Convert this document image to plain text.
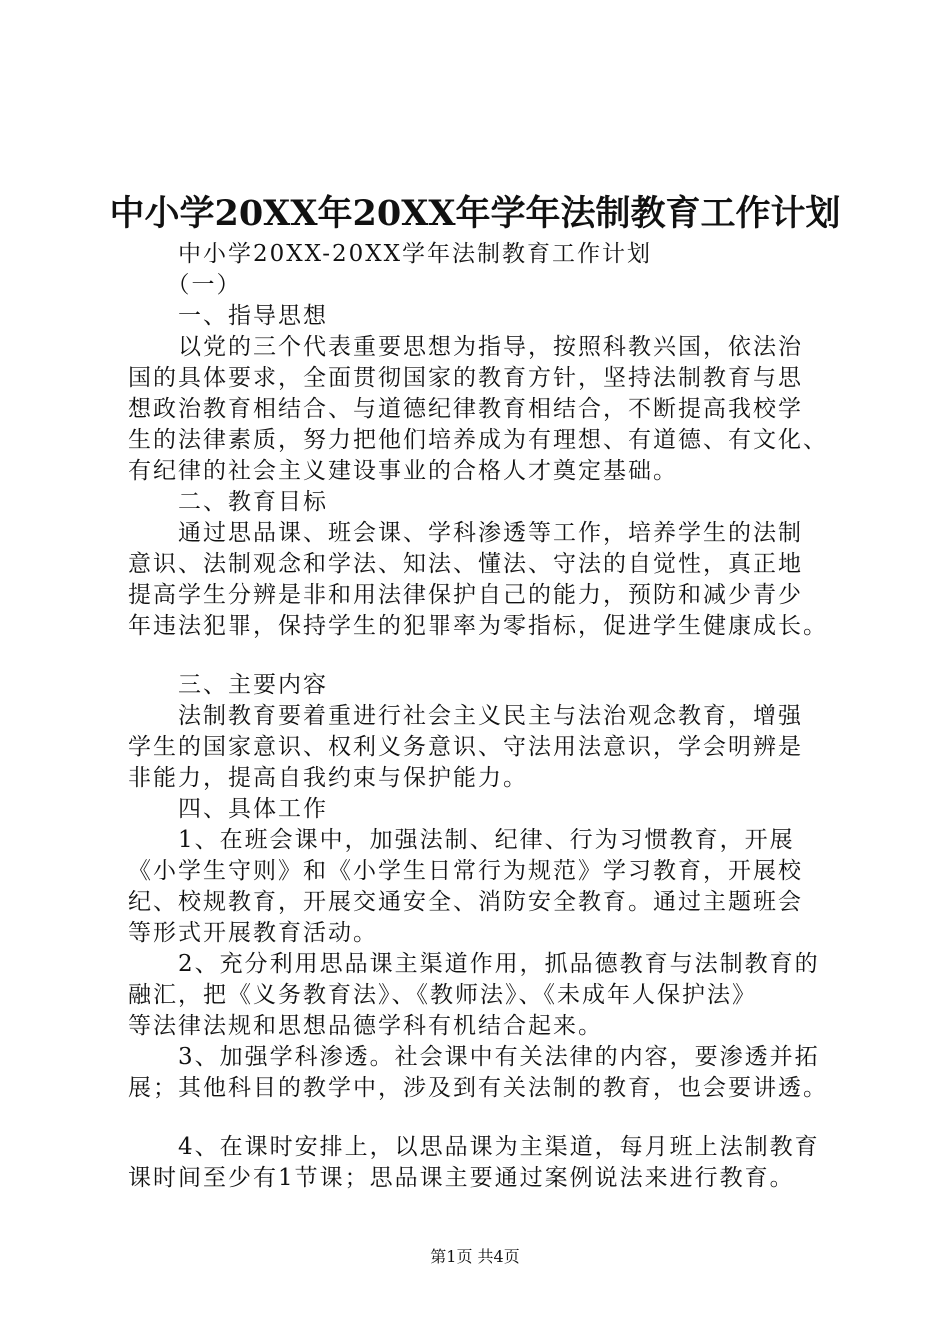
中小学20XX年20XX年学年法制教育工作计划
　　中小学20XX-20XX学年法制教育工作计划
　　（一）
　　一、指导思想
　　以党的三个代表重要思想为指导，按照科教兴国，依法治
国的具体要求，全面贯彻国家的教育方针，坚持法制教育与思
想政治教育相结合、与道德纪律教育相结合，不断提高我校学
生的法律素质，努力把他们培养成为有理想、有道德、有文化、
有纪律的社会主义建设事业的合格人才奠定基础。
　　二、教育目标
　　通过思品课、班会课、学科渗透等工作，培养学生的法制
意识、法制观念和学法、知法、懂法、守法的自觉性，真正地
提高学生分辨是非和用法律保护自己的能力，预防和减少青少
年违法犯罪，保持学生的犯罪率为零指标，促进学生健康成长。
　　三、主要内容
　　法制教育要着重进行社会主义民主与法治观念教育，增强
学生的国家意识、权利义务意识、守法用法意识，学会明辨是
非能力，提高自我约束与保护能力。
　　四、具体工作
　　1、在班会课中，加强法制、纪律、行为习惯教育，开展
《小学生守则》和《小学生日常行为规范》学习教育，开展校
纪、校规教育，开展交通安全、消防安全教育。通过主题班会
等形式开展教育活动。
　　2、充分利用思品课主渠道作用，抓品德教育与法制教育的
融汇，把《义务教育法》、《教师法》、《未成年人保护法》
等法律法规和思想品德学科有机结合起来。
　　3、加强学科渗透。社会课中有关法律的内容，要渗透并拓
展；其他科目的教学中，涉及到有关法制的教育，也会要讲透。
　　4、在课时安排上，以思品课为主渠道，每月班上法制教育
课时间至少有1节课；思品课主要通过案例说法来进行教育。
第1页 共4页
